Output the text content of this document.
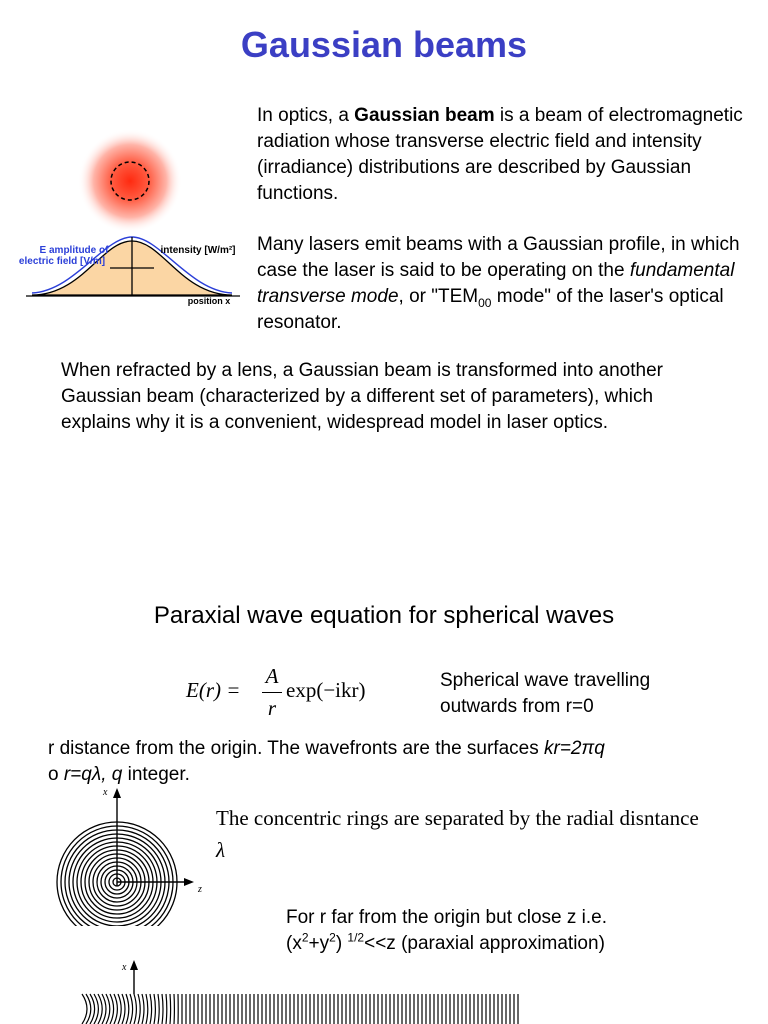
Gaussian beams
E amplitude of
electric field [V/m]
intensity [W/m²]
position x
In optics, a Gaussian beam is a beam of electromagnetic radiation whose transverse electric field and intensity (irradiance) distributions are described by Gaussian functions.
Many lasers emit beams with a Gaussian profile, in which case the laser is said to be operating on the fundamental transverse mode, or "$TEM_{00}$ mode" of the laser's optical resonator.
When refracted by a lens, a Gaussian beam is transformed into another Gaussian beam (characterized by a different set of parameters), which explains why it is a convenient, widespread model in laser optics.
Paraxial wave equation for spherical waves
E(r) =
A
r
exp(−ikr)	Spherical wave travelling
outwards from r=0
r distance from the origin. The wavefronts are the surfaces kr=2πq
o r=qλ, q integer.
x
z
The concentric rings are separated by the radial disntance
λ
For r far from the origin but close z i.e.
$(x^2+y^2)$ $^{1/2}$<<z (paraxial approximation)
x
